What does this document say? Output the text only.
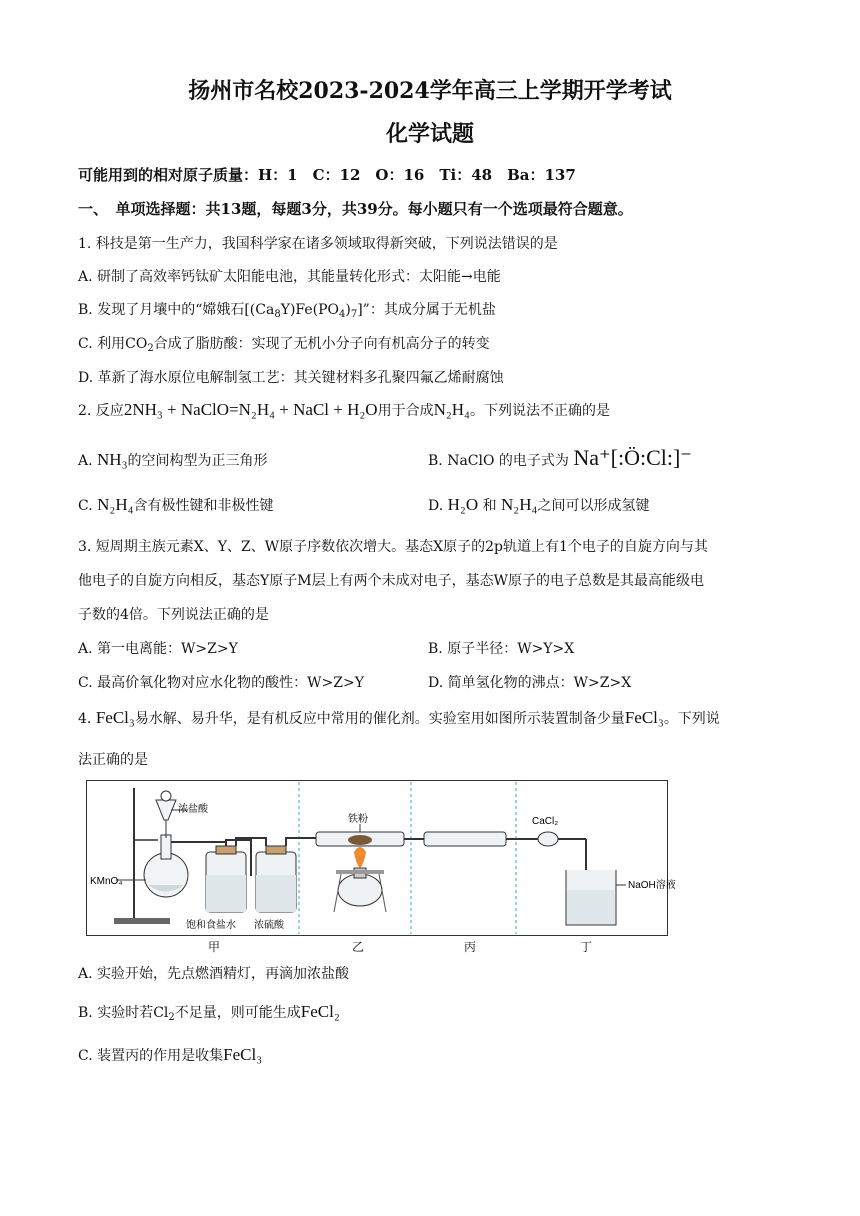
扬州市名校2023-2024学年高三上学期开学考试
化学试题
可能用到的相对原子质量：H：1　C：12　O：16　Ti：48　Ba：137
一、　单项选择题：共13题，每题3分，共39分。每小题只有一个选项最符合题意。
1. 科技是第一生产力，我国科学家在诸多领域取得新突破，下列说法错误的是
A. 研制了高效率钙钛矿太阳能电池，其能量转化形式：太阳能→电能
B. 发现了月壤中的“嫦娥石$[(Ca_8Y)Fe(PO_4)_7]$”：其成分属于无机盐
C. 利用$CO_2$合成了脂肪酸：实现了无机小分子向有机高分子的转变
D. 革新了海水原位电解制氢工艺：其关键材料多孔聚四氟乙烯耐腐蚀
2. 反应2NH₃ + NaClO=N₂H₄ + NaCl + H₂O用于合成N₂H₄。下列说法不正确的是
A. NH₃的空间构型为正三角形	B. NaClO 的电子式为 Na⁺[:Ö:Cl:]⁻
C. N₂H₄含有极性键和非极性键	D. H₂O 和 N₂H₄之间可以形成氢键
3. 短周期主族元素X、Y、Z、W原子序数依次增大。基态X原子的2p轨道上有1个电子的自旋方向与其
他电子的自旋方向相反，基态Y原子M层上有两个未成对电子，基态W原子的电子总数是其最高能级电
子数的4倍。下列说法正确的是
A. 第一电离能：W>Z>Y	B. 原子半径：W>Y>X
C. 最高价氧化物对应水化物的酸性：W>Z>Y	D. 简单氢化物的沸点：W>Z>X
4. FeCl₃易水解、易升华，是有机反应中常用的催化剂。实验室用如图所示装置制备少量FeCl₃。下列说
法正确的是
浓盐酸
KMnO₄
饱和食盐水 浓硫酸
铁粉	CaCl₂
NaOH溶液
甲	乙	丙	丁
A. 实验开始，先点燃酒精灯，再滴加浓盐酸
B. 实验时若$Cl_2$不足量，则可能生成FeCl₂
C. 装置丙的作用是收集FeCl₃
